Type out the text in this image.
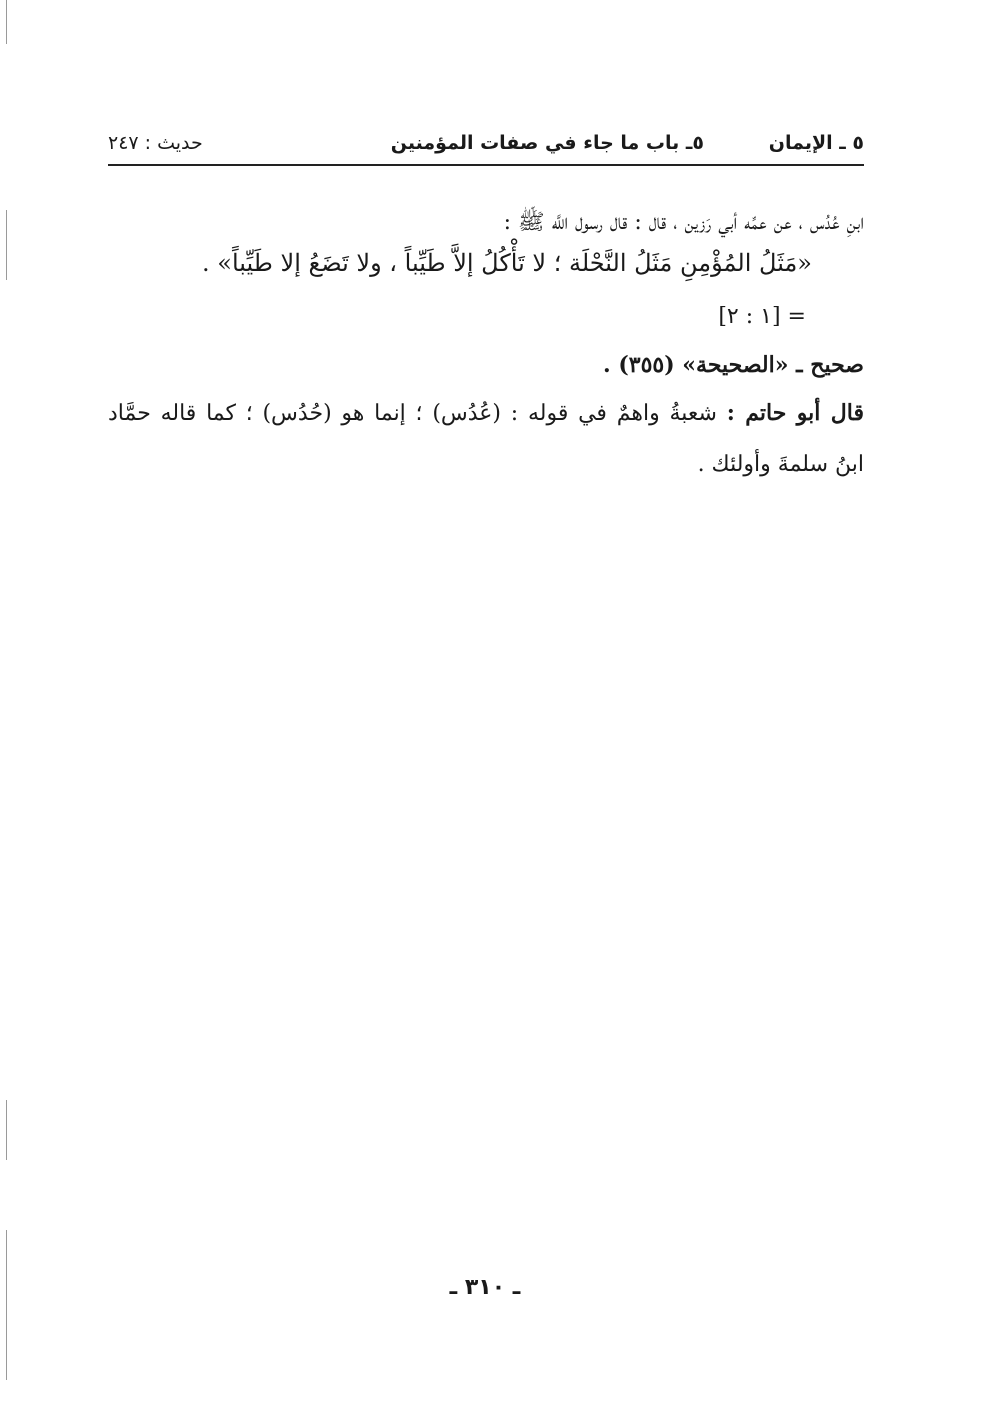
٥ ـ الإيمان
٥ـ باب ما جاء في صفات المؤمنين
حديث : ٢٤٧

ابنِ عُدُس ، عن عمِّه أبي رَزين ، قال : قال رسول اللَّه ﷺ :

«مَثَلُ المُؤْمِنِ مَثَلُ النَّحْلَة ؛ لا تَأْكُلُ إلاَّ طَيِّباً ، ولا تَضَعُ إلا طَيِّباً» .

= [١ : ٢]

صحيح ـ «الصحيحة» (٣٥٥) .

قال أبو حاتم : شعبةُ واهمٌ في قوله : (عُدُس) ؛ إنما هو (حُدُس) ؛ كما قاله حمَّاد

ابنُ سلمةَ وأولئك .

ـ ٣١٠ ـ
